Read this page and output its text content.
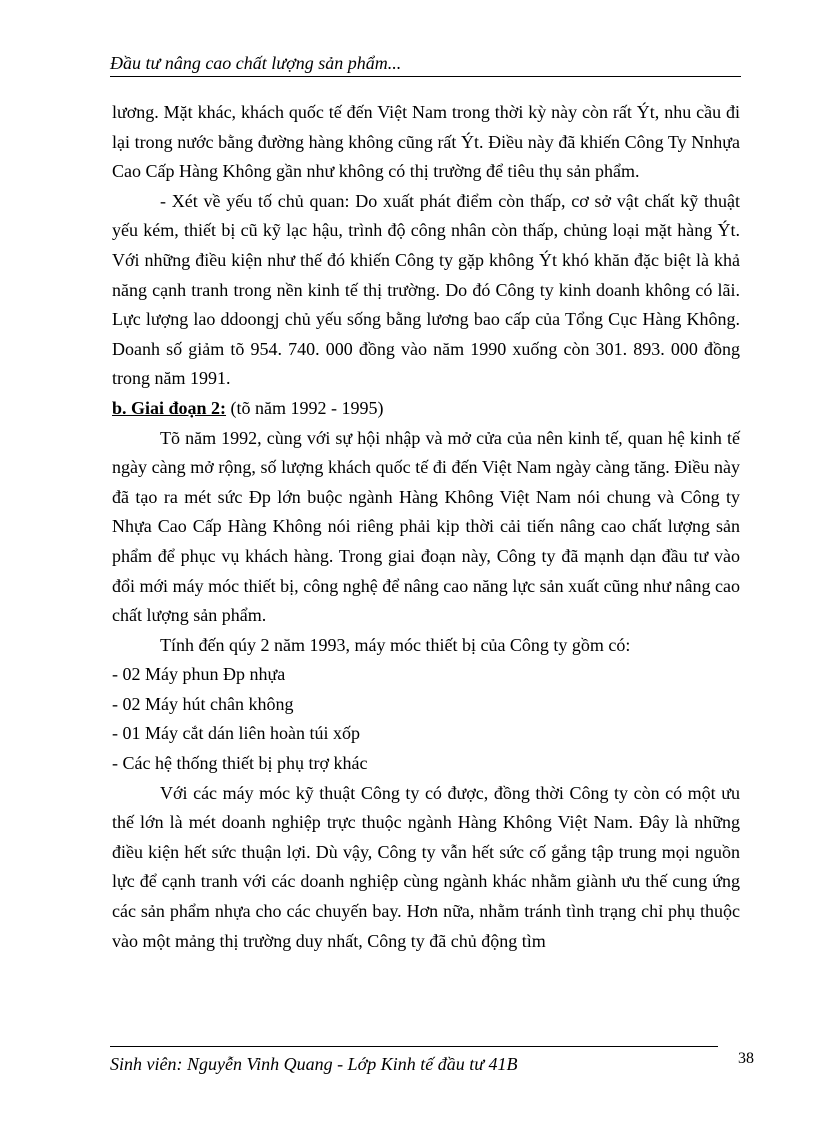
Đầu tư nâng cao chất lượng sản phẩm...

lương. Mặt khác, khách quốc tế đến Việt Nam trong thời kỳ này còn rất Ýt, nhu cầu đi lại trong nước bằng đường hàng không cũng rất Ýt. Điều này đã khiến Công Ty Nnhựa Cao Cấp Hàng Không gần như không có thị trường để tiêu thụ sản phẩm.

- Xét về yếu tố chủ quan: Do xuất phát điểm còn thấp, cơ sở vật chất kỹ thuật yếu kém, thiết bị cũ kỹ lạc hậu, trình độ công nhân còn thấp, chủng loại mặt hàng Ýt. Với những điều kiện như thế đó khiến Công ty gặp không Ýt khó khăn đặc biệt là khả năng cạnh tranh trong nền kinh tế thị trường. Do đó Công ty kinh doanh không có lãi. Lực lượng lao ddoongj chủ yếu sống bằng lương bao cấp của Tổng Cục Hàng Không. Doanh số giảm tõ 954. 740. 000 đồng vào năm 1990 xuống còn 301. 893. 000 đồng trong năm 1991.

b. Giai đoạn 2: (tõ năm 1992 - 1995)

Tõ năm 1992, cùng với sự hội nhập và mở cửa của nên kinh tế, quan hệ kinh tế ngày càng mở rộng, số lượng khách quốc tế đi đến Việt Nam ngày càng tăng. Điều này đã tạo ra mét sức Ðp lớn buộc ngành Hàng Không Việt Nam nói chung và Công ty Nhựa Cao Cấp Hàng Không nói riêng phải kịp thời cải tiến nâng cao chất lượng sản phẩm để phục vụ khách hàng. Trong giai đoạn này, Công ty đã mạnh dạn đầu tư vào đổi mới máy móc thiết bị, công nghệ để nâng cao năng lực sản xuất cũng như nâng cao chất lượng sản phẩm.

Tính đến qúy 2 năm 1993, máy móc thiết bị của Công ty gồm có:

- 02 Máy phun Ðp nhựa

- 02 Máy hút chân không

- 01 Máy cắt dán liên hoàn túi xốp

- Các hệ thống thiết bị phụ trợ khác

Với các máy móc kỹ thuật Công ty có được, đồng thời Công ty còn có một ưu thế lớn là mét doanh nghiệp trực thuộc ngành Hàng Không Việt Nam. Đây là những điều kiện hết sức thuận lợi. Dù vậy, Công ty vẫn hết sức cố gắng tập trung mọi nguồn lực để cạnh tranh với các doanh nghiệp cùng ngành khác nhằm giành ưu thế cung ứng các sản phẩm nhựa cho các chuyến bay. Hơn nữa, nhằm tránh tình trạng chỉ phụ thuộc vào một mảng thị trường duy nhất, Công ty đã chủ động tìm

Sinh viên: Nguyễn Vinh Quang - Lớp Kinh tế đầu tư 41B	38
